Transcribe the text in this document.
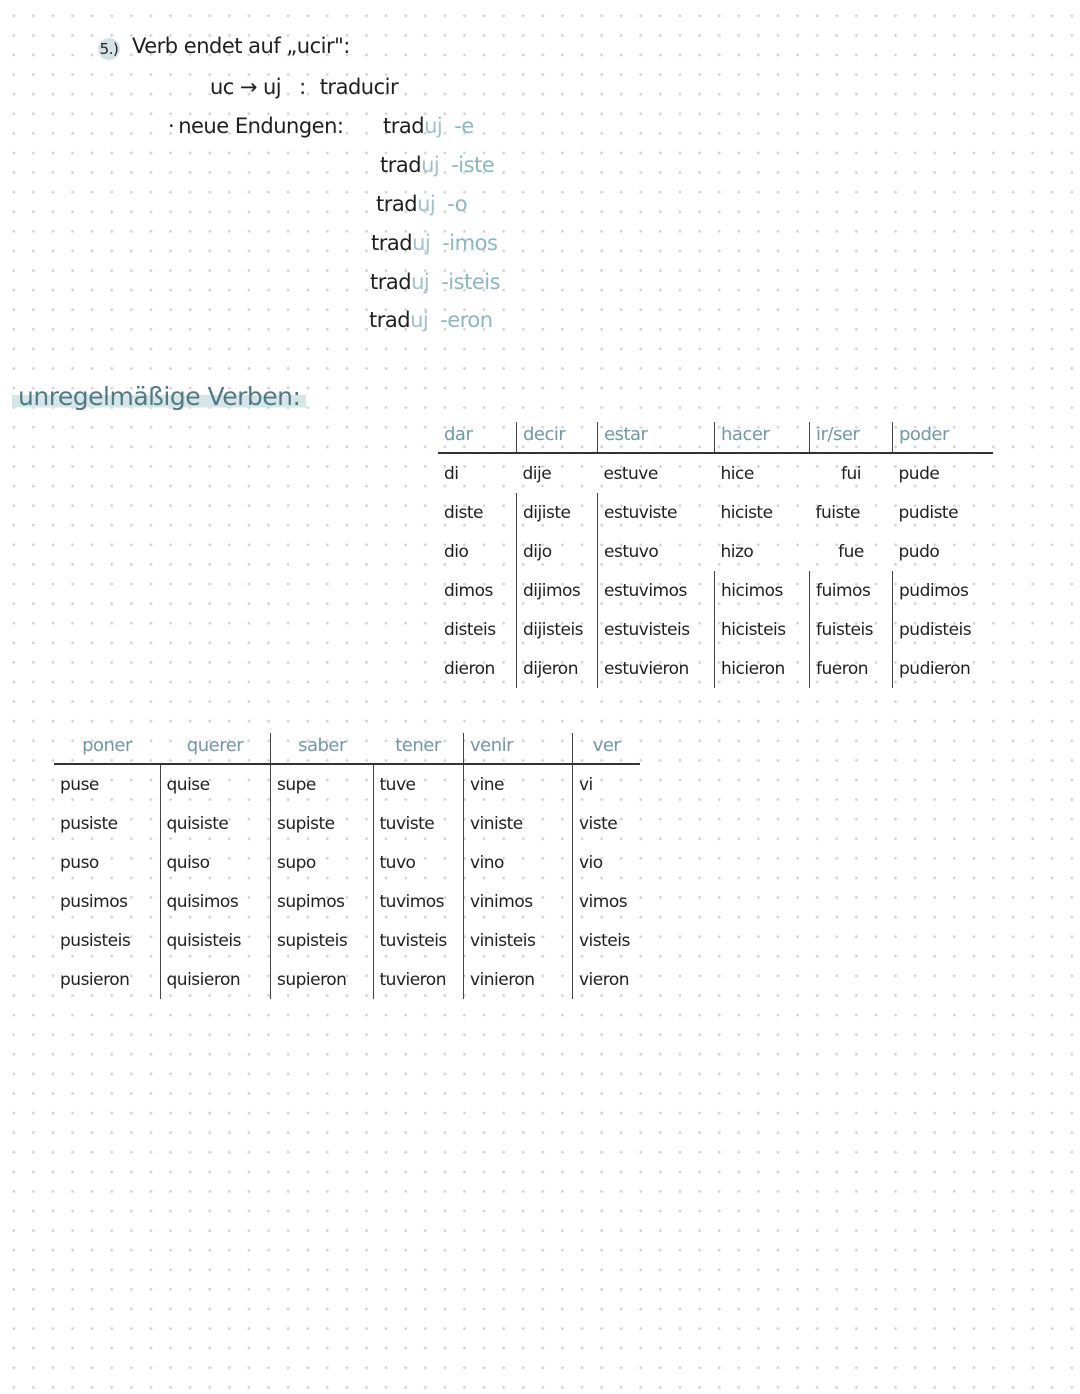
5.) Verb endet auf „ucir":
uc → uj : traducir
· neue Endungen: traduj -e
traduj -iste
traduj -o
traduj -imos
traduj -isteis
traduj -eron
unregelmäßige Verben:
dar	decir	estar	hacer	ir/ser	poder
di	dije	estuve	hice	fui	pude
diste	dijiste	estuviste	hiciste	fuiste	pudiste
dio	dijo	estuvo	hizo	fue	pudo
dimos	dijimos	estuvimos	hicimos	fuimos	pudimos
disteis	dijisteis	estuvisteis	hicisteis	fuisteis	pudisteis
dieron	dijeron	estuvieron	hicieron	fueron	pudieron
poner	querer	saber	tener	venir	ver
puse	quise	supe	tuve	vine	vi
pusiste	quisiste	supiste	tuviste	viniste	viste
puso	quiso	supo	tuvo	vino	vio
pusimos	quisimos	supimos	tuvimos	vinimos	vimos
pusisteis	quisisteis	supisteis	tuvisteis	vinisteis	visteis
pusieron	quisieron	supieron	tuvieron	vinieron	vieron
